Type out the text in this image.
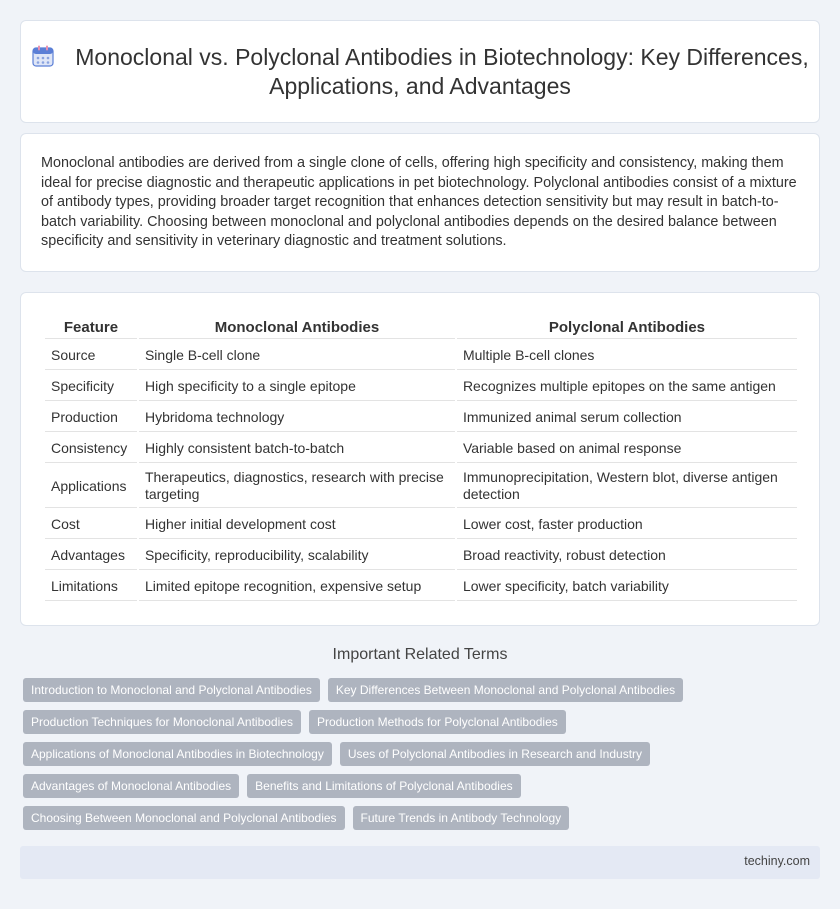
Monoclonal vs. Polyclonal Antibodies in Biotechnology: Key Differences, Applications, and Advantages

Monoclonal antibodies are derived from a single clone of cells, offering high specificity and consistency, making them ideal for precise diagnostic and therapeutic applications in pet biotechnology. Polyclonal antibodies consist of a mixture of antibody types, providing broader target recognition that enhances detection sensitivity but may result in batch-to-batch variability. Choosing between monoclonal and polyclonal antibodies depends on the desired balance between specificity and sensitivity in veterinary diagnostic and treatment solutions.

Feature	Monoclonal Antibodies	Polyclonal Antibodies
Source	Single B-cell clone	Multiple B-cell clones
Specificity	High specificity to a single epitope	Recognizes multiple epitopes on the same antigen
Production	Hybridoma technology	Immunized animal serum collection
Consistency	Highly consistent batch-to-batch	Variable based on animal response
Applications	Therapeutics, diagnostics, research with precise targeting	Immunoprecipitation, Western blot, diverse antigen detection
Cost	Higher initial development cost	Lower cost, faster production
Advantages	Specificity, reproducibility, scalability	Broad reactivity, robust detection
Limitations	Limited epitope recognition, expensive setup	Lower specificity, batch variability
Important Related Terms
Introduction to Monoclonal and Polyclonal Antibodies Key Differences Between Monoclonal and Polyclonal Antibodies
Production Techniques for Monoclonal Antibodies Production Methods for Polyclonal Antibodies
Applications of Monoclonal Antibodies in Biotechnology Uses of Polyclonal Antibodies in Research and Industry
Advantages of Monoclonal Antibodies Benefits and Limitations of Polyclonal Antibodies
Choosing Between Monoclonal and Polyclonal Antibodies Future Trends in Antibody Technology
techiny.com
